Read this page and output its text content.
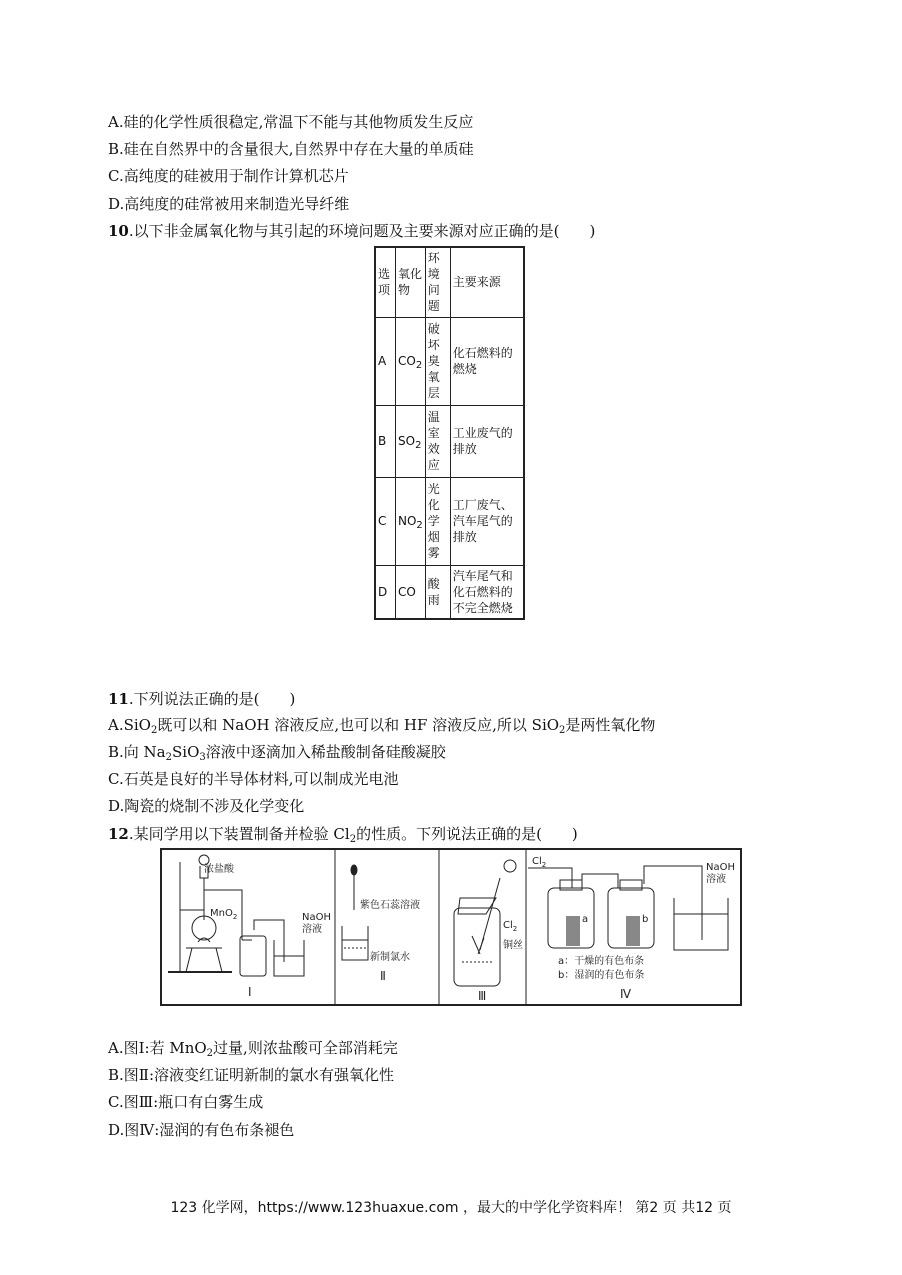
A.硅的化学性质很稳定,常温下不能与其他物质发生反应
B.硅在自然界中的含量很大,自然界中存在大量的单质硅
C.高纯度的硅被用于制作计算机芯片
D.高纯度的硅常被用来制造光导纤维
10.以下非金属氧化物与其引起的环境问题及主要来源对应正确的是(　　)
选项	氧化物	环境问题	主要来源
A	$CO_2$	破坏臭氧层	化石燃料的燃烧
B	$SO_2$	温室效应	工业废气的排放
C	$NO_2$	光化学烟雾	工厂废气、汽车尾气的排放
D	CO	酸雨	汽车尾气和化石燃料的不完全燃烧
11.下列说法正确的是(　　)
A.SiO$_2$既可以和 NaOH 溶液反应,也可以和 HF 溶液反应,所以 SiO$_2$是两性氧化物
B.向 $Na_2SiO_3$溶液中逐滴加入稀盐酸制备硅酸凝胶
C.石英是良好的半导体材料,可以制成光电池
D.陶瓷的烧制不涉及化学变化
12.某同学用以下装置制备并检验 $Cl_2$的性质。下列说法正确的是(　　)
浓盐酸
MnO$_2$	NaOH
溶液
Ⅰ
紫色石蕊溶液
新制氯水
Ⅱ
$Cl_2$
铜丝
Ⅲ
$Cl_2$	NaOH
溶液
a	b
a：干燥的有色布条
b：湿润的有色布条
Ⅳ
A.图Ⅰ:若 MnO$_2$过量,则浓盐酸可全部消耗完
B.图Ⅱ:溶液变红证明新制的氯水有强氧化性
C.图Ⅲ:瓶口有白雾生成
D.图Ⅳ:湿润的有色布条褪色
123 化学网，https://www.123huaxue.com ，最大的中学化学资料库！ 第2 页 共12 页
